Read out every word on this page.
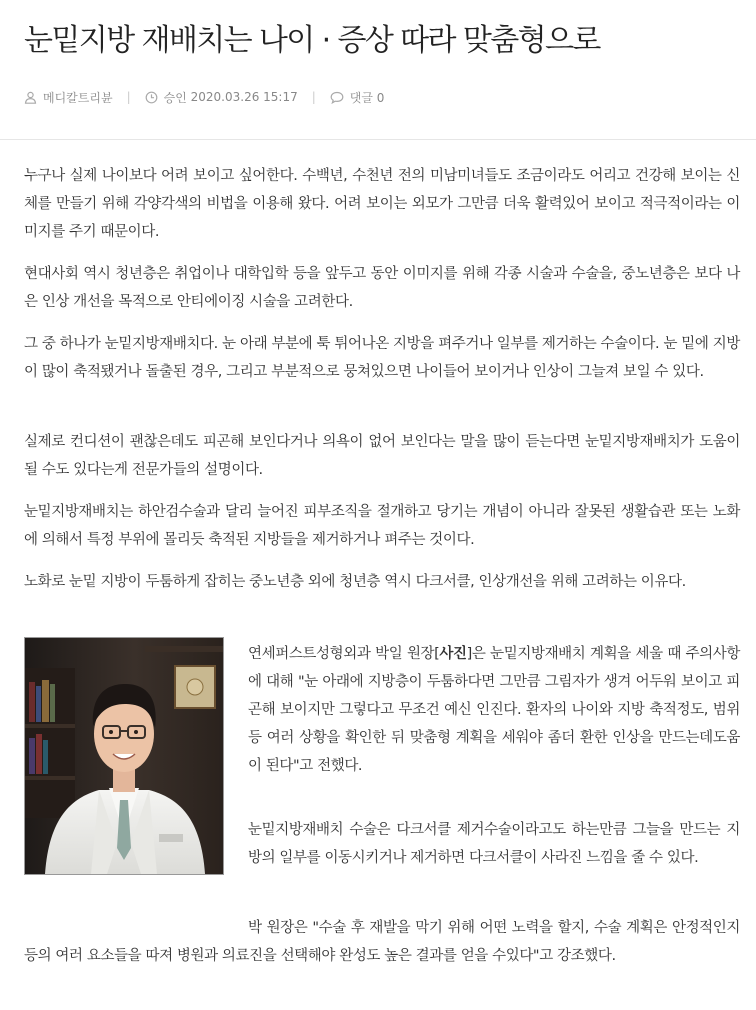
눈밑지방 재배치는 나이 · 증상 따라 맞춤형으로
메디칼트리뷴 |	승인
2020.03.26 15:17 |	댓글 0

누구나 실제 나이보다 어려 보이고 싶어한다. 수백년, 수천년 전의 미남미녀들도 조금이라도 어리고 건강해 보이는 신체를 만들기 위해 각양각색의 비법을 이용해 왔다. 어려 보이는 외모가 그만큼 더욱 활력있어 보이고 적극적이라는 이미지를 주기 때문이다.

현대사회 역시 청년층은 취업이나 대학입학 등을 앞두고 동안 이미지를 위해 각종 시술과 수술을, 중노년층은 보다 나은 인상 개선을 목적으로 안티에이징 시술을 고려한다.

그 중 하나가 눈밑지방재배치다. 눈 아래 부분에 툭 튀어나온 지방을 펴주거나 일부를 제거하는 수술이다. 눈 밑에 지방이 많이 축적됐거나 돌출된 경우, 그리고 부분적으로 뭉쳐있으면 나이들어 보이거나 인상이 그늘져 보일 수 있다.

실제로 컨디션이 괜찮은데도 피곤해 보인다거나 의욕이 없어 보인다는 말을 많이 듣는다면 눈밑지방재배치가 도움이 될 수도 있다는게 전문가들의 설명이다.

눈밑지방재배치는 하안검수술과 달리 늘어진 피부조직을 절개하고 당기는 개념이 아니라 잘못된 생활습관 또는 노화에 의해서 특정 부위에 몰리듯 축적된 지방들을 제거하거나 펴주는 것이다.

노화로 눈밑 지방이 두툼하게 잡히는 중노년층 외에 청년층 역시 다크서클, 인상개선을 위해 고려하는 이유다.

연세퍼스트성형외과 박일 원장[사진]은 눈밑지방재배치 계획을 세울 때 주의사항에 대해 "눈 아래에 지방층이 두툼하다면 그만큼 그림자가 생겨 어두워 보이고 피곤해 보이지만 그렇다고 무조건 예신 인진다. 환자의 나이와 지방 축적정도, 범위 등 여러 상황을 확인한 뒤 맞춤형 계획을 세워야 좀더 환한 인상을 만드는데도움이 된다"고 전했다.

눈밑지방재배치 수술은 다크서클 제거수술이라고도 하는만큼 그늘을 만드는 지방의 일부를 이동시키거나 제거하면 다크서클이 사라진 느낌을 줄 수 있다.

박 원장은 "수술 후 재발을 막기 위해 어떤 노력을 할지, 수술 계획은 안정적인지 등의 여러 요소들을 따져 병원과 의료진을 선택해야 완성도 높은 결과를 얻을 수있다"고 강조했다.
